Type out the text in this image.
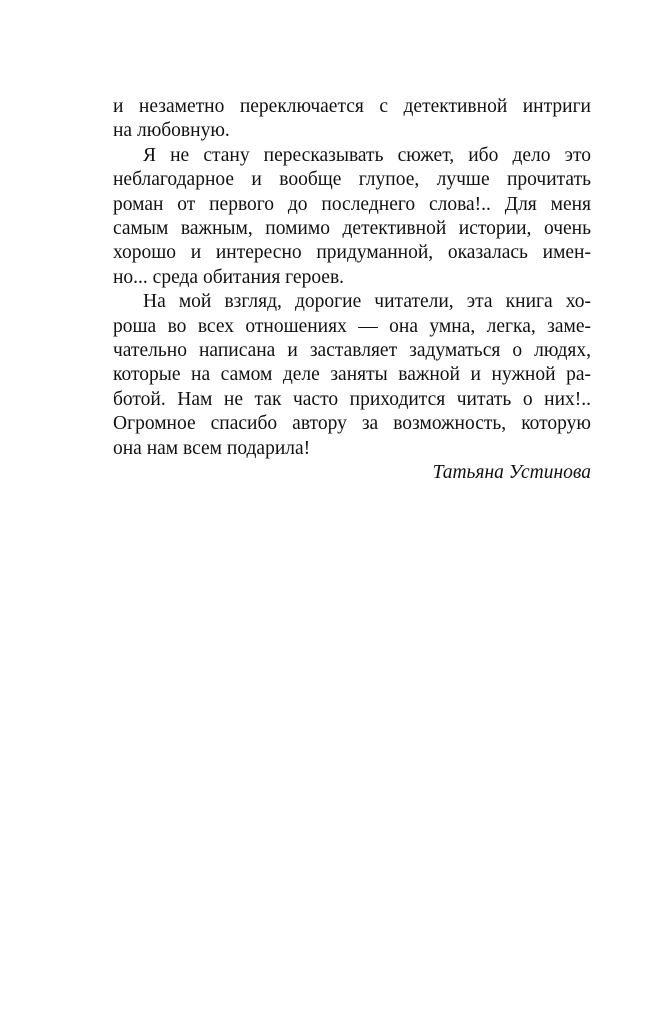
и незаметно переключается с детективной интриги
на любовную.

Я не стану пересказывать сюжет, ибо дело это
неблагодарное и вообще глупое, лучше прочитать
роман от первого до последнего слова!.. Для меня
самым важным, помимо детективной истории, очень
хорошо и интересно придуманной, оказалась имен-
но... среда обитания героев.

На мой взгляд, дорогие читатели, эта книга хо-
роша во всех отношениях — она умна, легка, заме-
чательно написана и заставляет задуматься о людях,
которые на самом деле заняты важной и нужной ра-
ботой. Нам не так часто приходится читать о них!..
Огромное спасибо автору за возможность, которую
она нам всем подарила!

Татьяна Устинова
